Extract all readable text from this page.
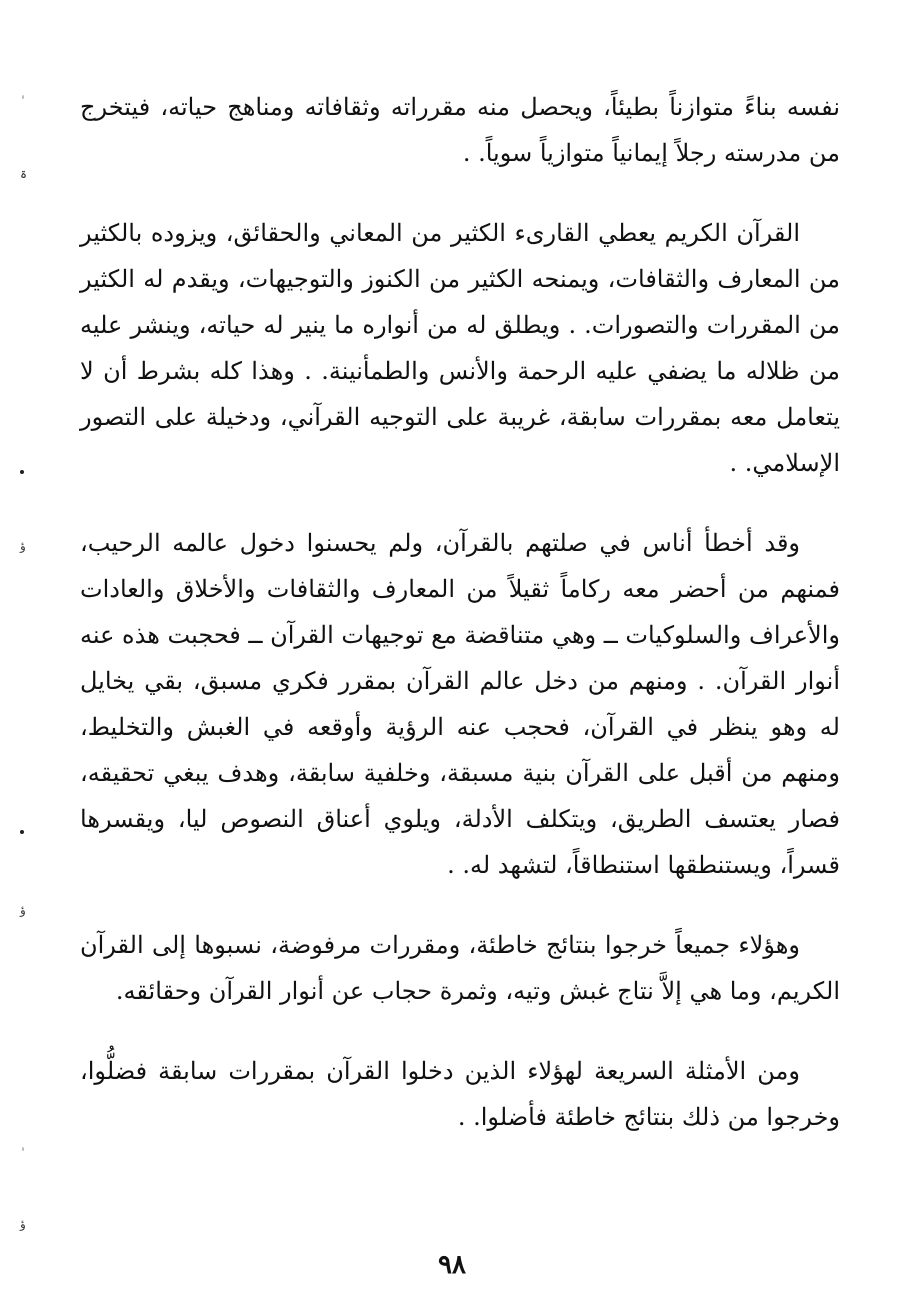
ۃ
ؤ
ؤ
ؤ

نفسه بناءً متوازناً بطيئاً، ويحصل منه مقرراته وثقافاته ومناهج حياته، فيتخرج من مدرسته رجلاً إيمانياً متوازياً سوياً. .

القرآن الكريم يعطي القارىء الكثير من المعاني والحقائق، ويزوده بالكثير من المعارف والثقافات، ويمنحه الكثير من الكنوز والتوجيهات، ويقدم له الكثير من المقررات والتصورات. . ويطلق له من أنواره ما ينير له حياته، وينشر عليه من ظلاله ما يضفي عليه الرحمة والأنس والطمأنينة. . وهذا كله بشرط أن لا يتعامل معه بمقررات سابقة، غريبة على التوجيه القرآني، ودخيلة على التصور الإسلامي. .

وقد أخطأ أناس في صلتهم بالقرآن، ولم يحسنوا دخول عالمه الرحيب، فمنهم من أحضر معه ركاماً ثقيلاً من المعارف والثقافات والأخلاق والعادات والأعراف والسلوكيات ــ وهي متناقضة مع توجيهات القرآن ــ فحجبت هذه عنه أنوار القرآن. . ومنهم من دخل عالم القرآن بمقرر فكري مسبق، بقي يخايل له وهو ينظر في القرآن، فحجب عنه الرؤية وأوقعه في الغبش والتخليط، ومنهم من أقبل على القرآن بنية مسبقة، وخلفية سابقة، وهدف يبغي تحقيقه، فصار يعتسف الطريق، ويتكلف الأدلة، ويلوي أعناق النصوص ليا، ويقسرها قسراً، ويستنطقها استنطاقاً، لتشهد له. .

وهؤلاء جميعاً خرجوا بنتائج خاطئة، ومقررات مرفوضة، نسبوها إلى القرآن الكريم، وما هي إلاَّ نتاج غبش وتيه، وثمرة حجاب عن أنوار القرآن وحقائقه.

ومن الأمثلة السريعة لهؤلاء الذين دخلوا القرآن بمقررات سابقة فضلُّوا، وخرجوا من ذلك بنتائج خاطئة فأضلوا. .

٩٨
